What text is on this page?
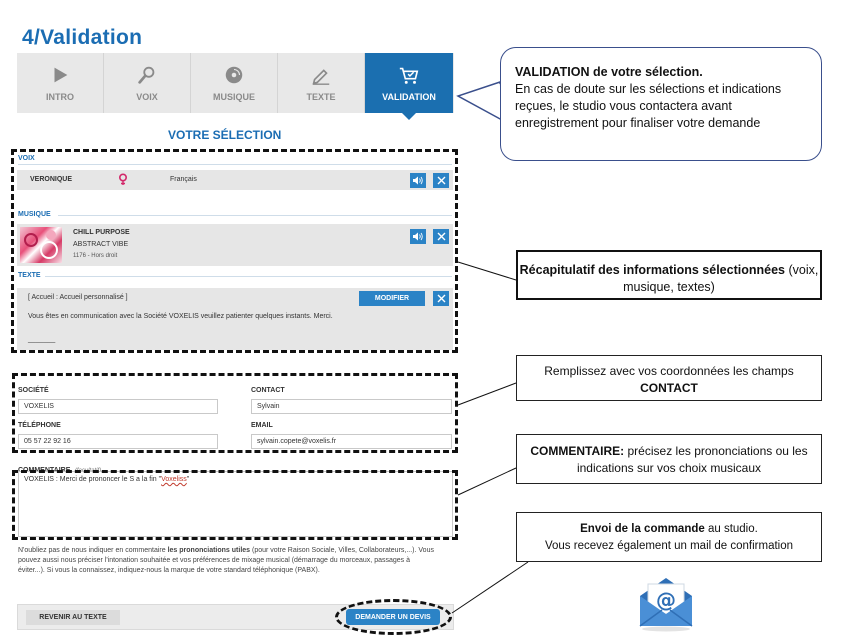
4/Validation
INTRO	VOIX	MUSIQUE	TEXTE	VALIDATION
VOTRE SÉLECTION
VOIX
VERONIQUE	Français
MUSIQUE
CHILL PURPOSE
ABSTRACT VIBE
1176 - Hors droit
TEXTE
[ Accueil : Accueil personnalisé ]	MODIFIER
Vous êtes en communication avec la Société VOXELIS veuillez patienter quelques instants. Merci.
_______
SOCIÉTÉ
VOXELIS
CONTACT
Sylvain
TÉLÉPHONE
05 57 22 92 16
EMAIL
sylvain.copete@voxelis.fr
VOXELIS : Merci de prononcer le S a la fin "Voxeliss"
N'oubliez pas de nous indiquer en commentaire les prononciations utiles (pour votre Raison Sociale, Villes, Collaborateurs,...). Vous pouvez aussi nous préciser l'intonation souhaitée et vos préférences de mixage musical (démarrage du morceaux, passages à éviter...). Si vous la connaissez, indiquez-nous la marque de votre standard téléphonique (PABX).
REVENIR AU TEXTE	DEMANDER UN DEVIS
VALIDATION de votre sélection.
En cas de doute sur les sélections et indications reçues, le studio vous contactera avant enregistrement pour finaliser votre demande
Récapitulatif des informations sélectionnées (voix, musique, textes)
Remplissez avec vos coordonnées les champs CONTACT
COMMENTAIRE: précisez les prononciations ou les indications sur vos choix musicaux
Envoi de la commande au studio.
Vous recevez également un mail de confirmation
@
